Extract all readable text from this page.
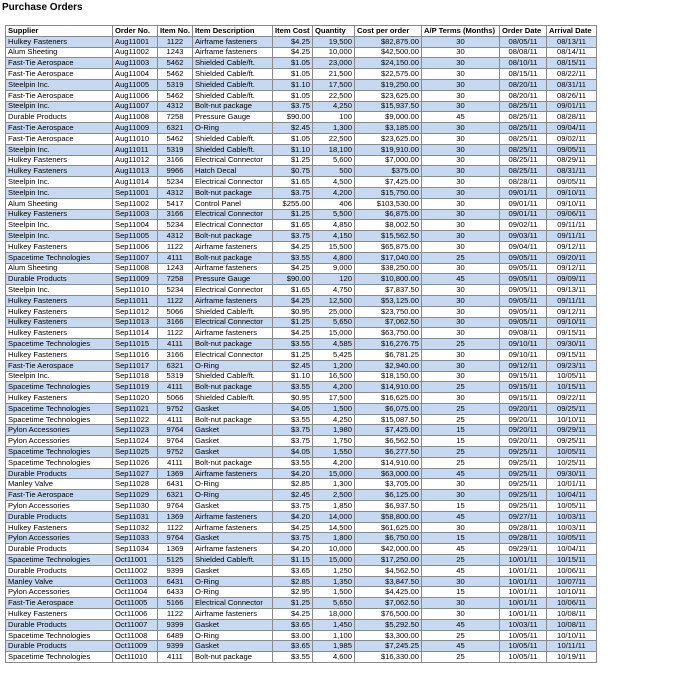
Purchase Orders
Supplier	Order No.	Item No.	Item Description	Item Cost	Quantity	Cost per order	A/P Terms (Months)	Order Date	Arrival Date
Hulkey Fasteners	Aug11001	1122	Airframe fasteners	$4.25	19,500	$82,875.00	30	08/05/11	08/13/11
Alum Sheeting	Aug11002	1243	Airframe fasteners	$4.25	10,000	$42,500.00	30	08/08/11	08/14/11
Fast-Tie Aerospace	Aug11003	5462	Shielded Cable/ft.	$1.05	23,000	$24,150.00	30	08/10/11	08/15/11
Fast-Tie Aerospace	Aug11004	5462	Shielded Cable/ft.	$1.05	21,500	$22,575.00	30	08/15/11	08/22/11
Steelpin Inc.	Aug11005	5319	Shielded Cable/ft.	$1.10	17,500	$19,250.00	30	08/20/11	08/31/11
Fast-Tie Aerospace	Aug11006	5462	Shielded Cable/ft.	$1.05	22,500	$23,625.00	30	08/20/11	08/26/11
Steelpin Inc.	Aug11007	4312	Bolt-nut package	$3.75	4,250	$15,937.50	30	08/25/11	09/01/11
Durable Products	Aug11008	7258	Pressure Gauge	$90.00	100	$9,000.00	45	08/25/11	08/28/11
Fast-Tie Aerospace	Aug11009	6321	O-Ring	$2.45	1,300	$3,185.00	30	08/25/11	09/04/11
Fast-Tie Aerospace	Aug11010	5462	Shielded Cable/ft.	$1.05	22,500	$23,625.00	30	08/25/11	09/02/11
Steelpin Inc.	Aug11011	5319	Shielded Cable/ft.	$1.10	18,100	$19,910.00	30	08/25/11	09/05/11
Hulkey Fasteners	Aug11012	3166	Electrical Connector	$1.25	5,600	$7,000.00	30	08/25/11	08/29/11
Hulkey Fasteners	Aug11013	9966	Hatch Decal	$0.75	500	$375.00	30	08/25/11	08/31/11
Steelpin Inc.	Aug11014	5234	Electrical Connector	$1.65	4,500	$7,425.00	30	08/28/11	09/05/11
Steelpin Inc.	Sep11001	4312	Bolt-nut package	$3.75	4,200	$15,750.00	30	09/01/11	09/10/11
Alum Sheeting	Sep11002	5417	Control Panel	$255.00	406	$103,530.00	30	09/01/11	09/10/11
Hulkey Fasteners	Sep11003	3166	Electrical Connector	$1.25	5,500	$6,875.00	30	09/01/11	09/06/11
Steelpin Inc.	Sep11004	5234	Electrical Connector	$1.65	4,850	$8,002.50	30	09/02/11	09/11/11
Steelpin Inc.	Sep11005	4312	Bolt-nut package	$3.75	4,150	$15,562.50	30	09/03/11	09/11/11
Hulkey Fasteners	Sep11006	1122	Airframe fasteners	$4.25	15,500	$65,875.00	30	09/04/11	09/12/11
Spacetime Technologies	Sep11007	4111	Bolt-nut package	$3.55	4,800	$17,040.00	25	09/05/11	09/20/11
Alum Sheeting	Sep11008	1243	Airframe fasteners	$4.25	9,000	$38,250.00	30	09/05/11	09/12/11
Durable Products	Sep11009	7258	Pressure Gauge	$90.00	120	$10,800.00	45	09/05/11	09/09/11
Steelpin Inc.	Sep11010	5234	Electrical Connector	$1.65	4,750	$7,837.50	30	09/05/11	09/13/11
Hulkey Fasteners	Sep11011	1122	Airframe fasteners	$4.25	12,500	$53,125.00	30	09/05/11	09/11/11
Hulkey Fasteners	Sep11012	5066	Shielded Cable/ft.	$0.95	25,000	$23,750.00	30	09/05/11	09/12/11
Hulkey Fasteners	Sep11013	3166	Electrical Connector	$1.25	5,650	$7,062.50	30	09/05/11	09/10/11
Hulkey Fasteners	Sep11014	1122	Airframe fasteners	$4.25	15,000	$63,750.00	30	09/08/11	09/15/11
Spacetime Technologies	Sep11015	4111	Bolt-nut package	$3.55	4,585	$16,276.75	25	09/10/11	09/30/11
Hulkey Fasteners	Sep11016	3166	Electrical Connector	$1.25	5,425	$6,781.25	30	09/10/11	09/15/11
Fast-Tie Aerospace	Sep11017	6321	O-Ring	$2.45	1,200	$2,940.00	30	09/12/11	09/23/11
Steelpin Inc.	Sep11018	5319	Shielded Cable/ft.	$1.10	16,500	$18,150.00	30	09/15/11	10/05/11
Spacetime Technologies	Sep11019	4111	Bolt-nut package	$3.55	4,200	$14,910.00	25	09/15/11	10/15/11
Hulkey Fasteners	Sep11020	5066	Shielded Cable/ft.	$0.95	17,500	$16,625.00	30	09/15/11	09/22/11
Spacetime Technologies	Sep11021	9752	Gasket	$4.05	1,500	$6,075.00	25	09/20/11	09/25/11
Spacetime Technologies	Sep11022	4111	Bolt-nut package	$3.55	4,250	$15,087.50	25	09/20/11	10/10/11
Pylon Accessories	Sep11023	9764	Gasket	$3.75	1,980	$7,425.00	15	09/20/11	09/29/11
Pylon Accessories	Sep11024	9764	Gasket	$3.75	1,750	$6,562.50	15	09/20/11	09/25/11
Spacetime Technologies	Sep11025	9752	Gasket	$4.05	1,550	$6,277.50	25	09/25/11	10/05/11
Spacetime Technologies	Sep11026	4111	Bolt-nut package	$3.55	4,200	$14,910.00	25	09/25/11	10/25/11
Durable Products	Sep11027	1369	Airframe fasteners	$4.20	15,000	$63,000.00	45	09/25/11	09/30/11
Manley Valve	Sep11028	6431	O-Ring	$2.85	1,300	$3,705.00	30	09/25/11	10/01/11
Fast-Tie Aerospace	Sep11029	6321	O-Ring	$2.45	2,500	$6,125.00	30	09/25/11	10/04/11
Pylon Accessories	Sep11030	9764	Gasket	$3.75	1,850	$6,937.50	15	09/25/11	10/05/11
Durable Products	Sep11031	1369	Airframe fasteners	$4.20	14,000	$58,800.00	45	09/27/11	10/03/11
Hulkey Fasteners	Sep11032	1122	Airframe fasteners	$4.25	14,500	$61,625.00	30	09/28/11	10/03/11
Pylon Accessories	Sep11033	9764	Gasket	$3.75	1,800	$6,750.00	15	09/28/11	10/05/11
Durable Products	Sep11034	1369	Airframe fasteners	$4.20	10,000	$42,000.00	45	09/29/11	10/04/11
Spacetime Technologies	Oct11001	5125	Shielded Cable/ft.	$1.15	15,000	$17,250.00	25	10/01/11	10/15/11
Durable Products	Oct11002	9399	Gasket	$3.65	1,250	$4,562.50	45	10/01/11	10/06/11
Manley Valve	Oct11003	6431	O-Ring	$2.85	1,350	$3,847.50	30	10/01/11	10/07/11
Pylon Accessories	Oct11004	6433	O-Ring	$2.95	1,500	$4,425.00	15	10/01/11	10/10/11
Fast-Tie Aerospace	Oct11005	5166	Electrical Connector	$1.25	5,650	$7,062.50	30	10/01/11	10/06/11
Hulkey Fasteners	Oct11006	1122	Airframe fasteners	$4.25	18,000	$76,500.00	30	10/01/11	10/08/11
Durable Products	Oct11007	9399	Gasket	$3.65	1,450	$5,292.50	45	10/03/11	10/08/11
Spacetime Technologies	Oct11008	6489	O-Ring	$3.00	1,100	$3,300.00	25	10/05/11	10/10/11
Durable Products	Oct11009	9399	Gasket	$3.65	1,985	$7,245.25	45	10/05/11	10/11/11
Spacetime Technologies	Oct11010	4111	Bolt-nut package	$3.55	4,600	$16,330.00	25	10/05/11	10/19/11
